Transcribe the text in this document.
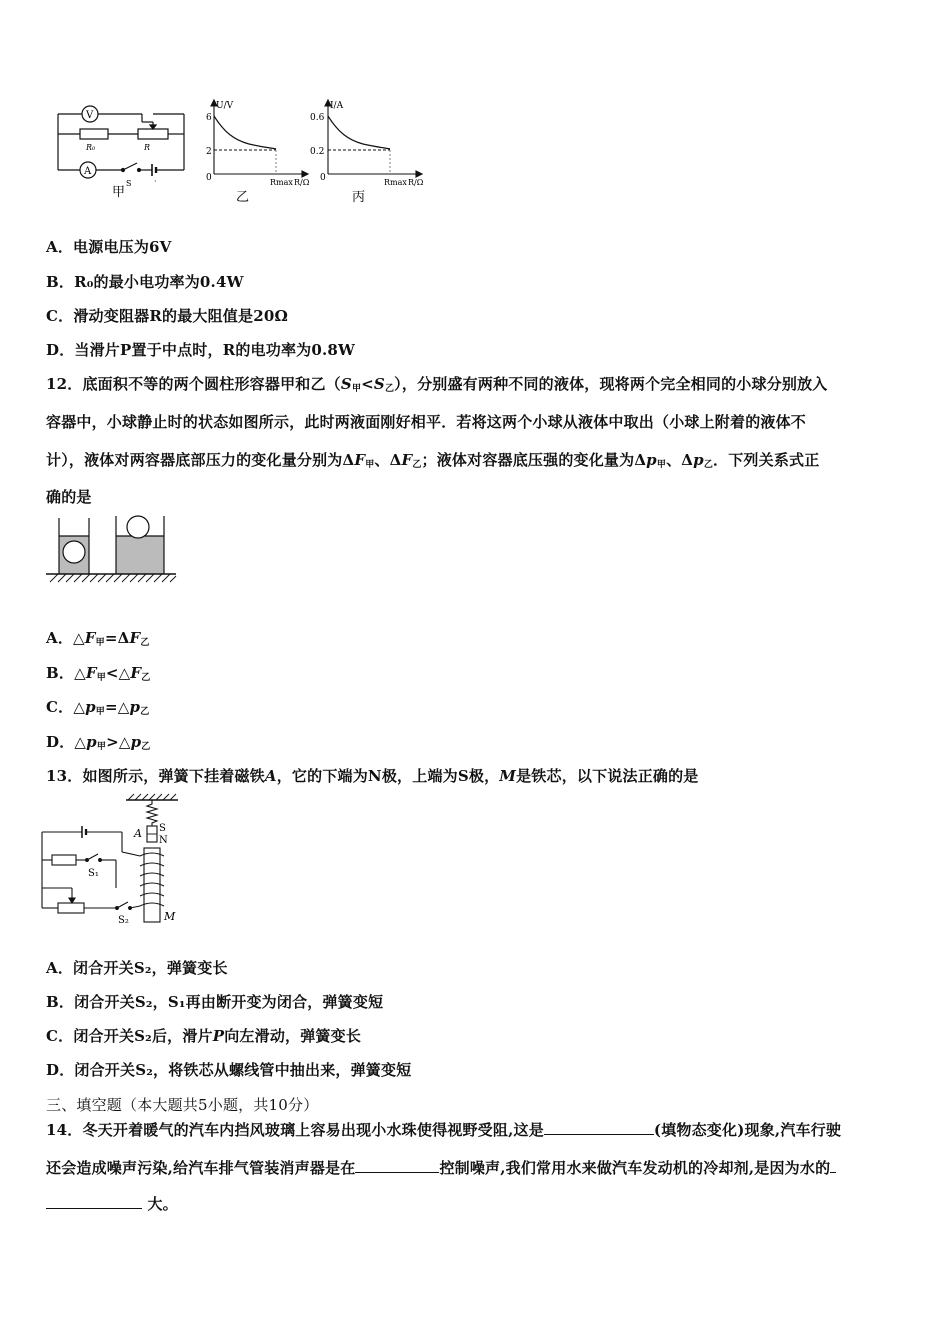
V
A
R₀	R
S	·
甲
U/V
6
2
0	Rmax R/Ω
乙
I/A
0.6
0.2
0	Rmax R/Ω
丙
A．电源电压为6V
B．R₀的最小电功率为0.4W
C．滑动变阻器R的最大阻值是20Ω
D．当滑片P置于中点时，R的电功率为0.8W
12．底面积不等的两个圆柱形容器甲和乙$(S_甲<S_乙)$，分别盛有两种不同的液体，现将两个完全相同的小球分别放入
容器中，小球静止时的状态如图所示，此时两液面刚好相平．若将这两个小球从液体中取出（小球上附着的液体不
计），液体对两容器底部压力的变化量分别为$\Delta F_甲$、$\Delta F_乙$；液体对容器底压强的变化量为$\Delta p_甲$、$\Delta p_乙$．下列关系式正
确的是
A．$\triangle F_甲=\Delta F_乙$
B．$\triangle F_甲<\triangle F_乙$
C．$\triangle p_甲=\triangle p_乙$
D．$\triangle p_甲>\triangle p_乙$
13．如图所示，弹簧下挂着磁铁A，它的下端为N极，上端为S极，M是铁芯，以下说法正确的是
A S
N
M
S₁
S₂
A．闭合开关S₂，弹簧变长
B．闭合开关S₂，S₁再由断开变为闭合，弹簧变短
C．闭合开关S₂后，滑片P向左滑动，弹簧变长
D．闭合开关S₂，将铁芯从螺线管中抽出来，弹簧变短
三、填空题（本大题共5小题，共10分）
14．冬天开着暖气的汽车内挡风玻璃上容易出现小水珠使得视野受阻,这是	(填物态变化)现象,汽车行驶
还会造成噪声污染,给汽车排气管装消声器是在	控制噪声,我们常用水来做汽车发动机的冷却剂,是因为水的
大。
